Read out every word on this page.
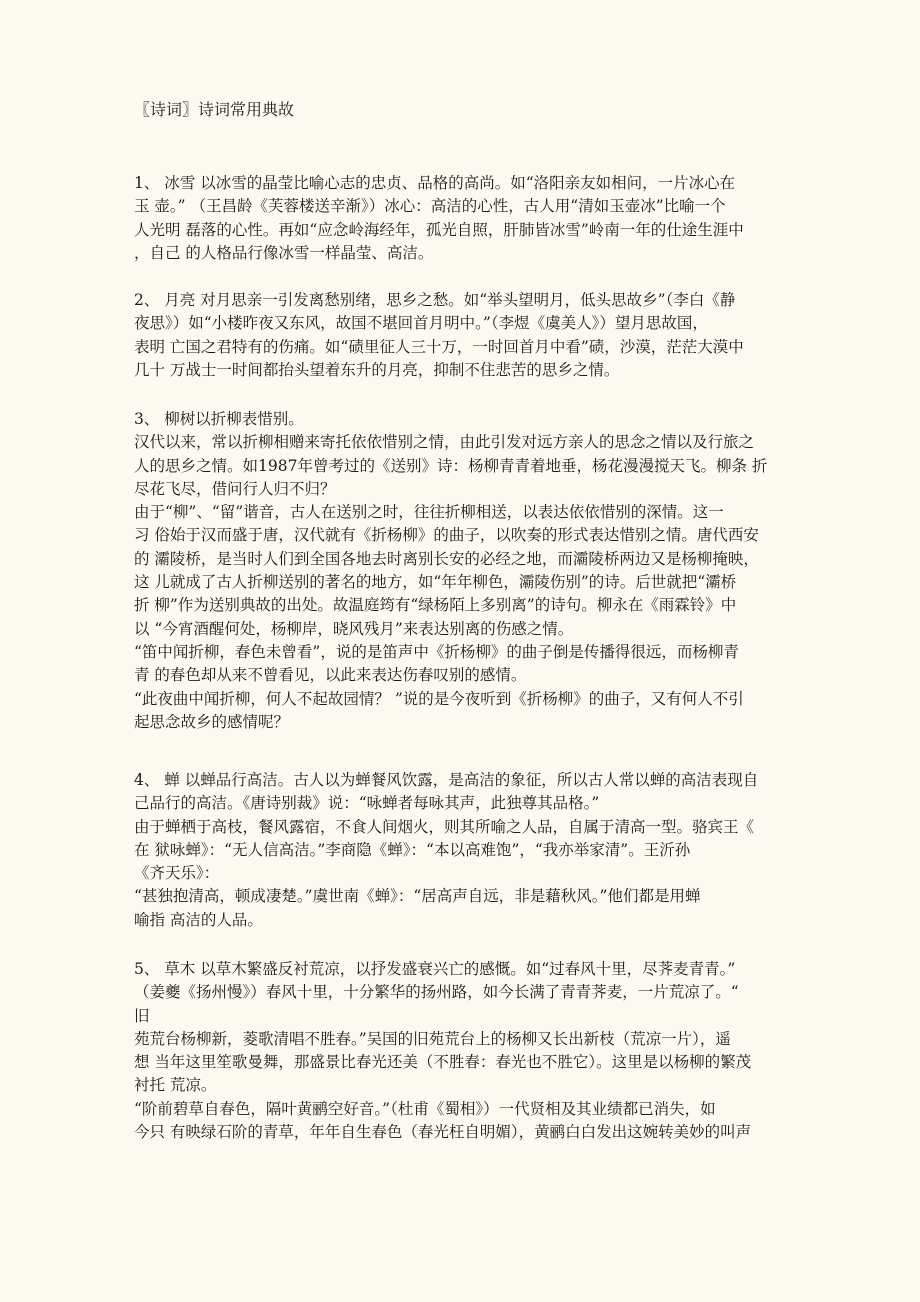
〖诗词〗诗词常用典故
1、 冰雪 以冰雪的晶莹比喻心志的忠贞、品格的高尚。如“洛阳亲友如相问，一片冰心在
玉 壶。” （王昌龄《芙蓉楼送辛渐》）冰心：高洁的心性，古人用“清如玉壶冰”比喻一个
人光明 磊落的心性。再如“应念岭海经年，孤光自照，肝肺皆冰雪”岭南一年的仕途生涯中
，自己 的人格品行像冰雪一样晶莹、高洁。
2、 月亮 对月思亲一引发离愁别绪，思乡之愁。如“举头望明月，低头思故乡”（李白《静
夜思》）如“小楼昨夜又东风，故国不堪回首月明中。”（李煜《虞美人》）望月思故国，
表明 亡国之君特有的伤痛。如“碛里征人三十万，一时回首月中看”碛，沙漠，茫茫大漠中
几十 万战士一时间都抬头望着东升的月亮，抑制不住悲苦的思乡之情。
3、 柳树以折柳表惜别。
汉代以来，常以折柳相赠来寄托依依惜别之情，由此引发对远方亲人的思念之情以及行旅之
人的思乡之情。如1987年曾考过的《送别》诗：杨柳青青着地垂，杨花漫漫搅天飞。柳条 折
尽花飞尽，借问行人归不归？
由于“柳”、“留”谐音，古人在送别之时，往往折柳相送，以表达依依惜别的深情。这一
习 俗始于汉而盛于唐，汉代就有《折杨柳》的曲子，以吹奏的形式表达惜别之情。唐代西安
的 灞陵桥，是当时人们到全国各地去时离别长安的必经之地，而灞陵桥两边又是杨柳掩映，
这 儿就成了古人折柳送别的著名的地方，如“年年柳色，灞陵伤别”的诗。后世就把“灞桥
折 柳”作为送别典故的出处。故温庭筠有“绿杨陌上多别离”的诗句。柳永在《雨霖铃》中
以 “今宵酒醒何处，杨柳岸，晓风残月”来表达别离的伤感之情。
“笛中闻折柳，春色未曾看”，说的是笛声中《折杨柳》的曲子倒是传播得很远，而杨柳青
青 的春色却从来不曾看见，以此来表达伤春叹别的感情。
“此夜曲中闻折柳，何人不起故园情？ ”说的是今夜听到《折杨柳》的曲子，又有何人不引
起思念故乡的感情呢？
4、 蝉 以蝉品行高洁。古人以为蝉餐风饮露，是高洁的象征，所以古人常以蝉的高洁表现自
己品行的高洁。《唐诗别裁》说：“咏蝉者每咏其声，此独尊其品格。”
由于蝉栖于高枝，餐风露宿，不食人间烟火，则其所喻之人品，自属于清高一型。骆宾王《
在 狱咏蝉》：“无人信高洁。”李商隐《蝉》：“本以高难饱”，“我亦举家清”。王沂孙
《齐天乐》：
“甚独抱清高，顿成凄楚。”虞世南《蝉》：“居高声自远，非是藉秋风。”他们都是用蝉
喻指 高洁的人品。
5、 草木 以草木繁盛反衬荒凉，以抒发盛衰兴亡的感慨。如“过春风十里，尽荠麦青青。”
（姜夔《扬州慢》）春风十里，十分繁华的扬州路，如今长满了青青荠麦，一片荒凉了。“
旧
苑荒台杨柳新，菱歌清唱不胜春。”吴国的旧苑荒台上的杨柳又长出新枝（荒凉一片），遥
想 当年这里笙歌曼舞，那盛景比春光还美（不胜春：春光也不胜它）。这里是以杨柳的繁茂
衬托 荒凉。
“阶前碧草自春色，隔叶黄鹂空好音。”（杜甫《蜀相》）一代贤相及其业绩都已消失，如
今只 有映绿石阶的青草，年年自生春色（春光枉自明媚），黄鹂白白发出这婉转美妙的叫声
